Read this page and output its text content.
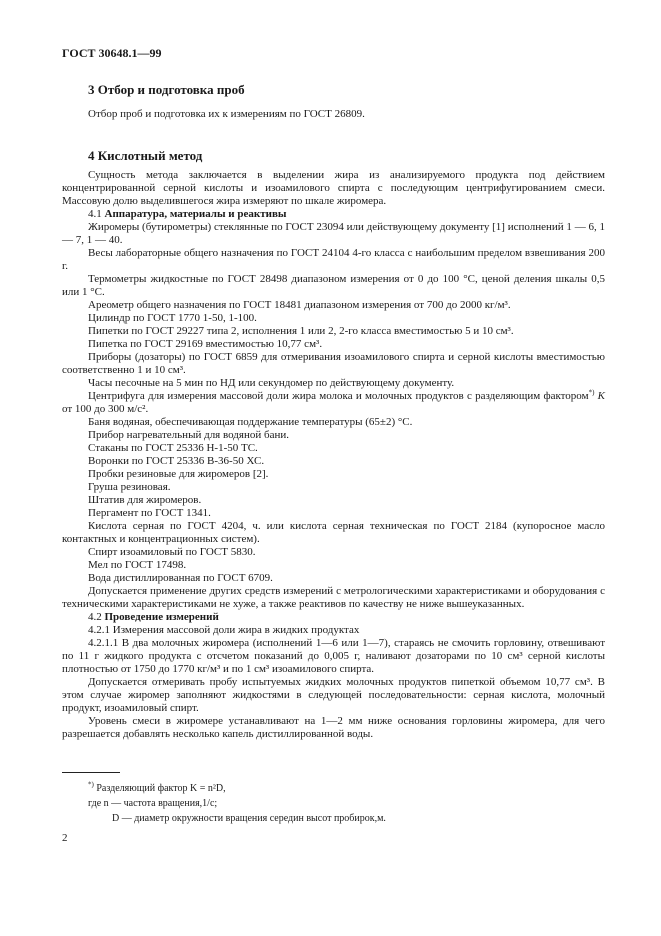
ГОСТ 30648.1—99
3 Отбор и подготовка проб

Отбор проб и подготовка их к измерениям по ГОСТ 26809.

4 Кислотный метод

Сущность метода заключается в выделении жира из анализируемого продукта под действием концентрированной серной кислоты и изоамилового спирта с последующим центрифугированием смеси. Массовую долю выделившегося жира измеряют по шкале жиромера.

4.1 Аппаратура, материалы и реактивы

Жиромеры (бутирометры) стеклянные по ГОСТ 23094 или действующему документу [1] исполнений 1 — 6, 1 — 7, 1 — 40.

Весы лабораторные общего назначения по ГОСТ 24104 4-го класса с наибольшим пределом взвешивания 200 г.

Термометры жидкостные по ГОСТ 28498 диапазоном измерения от 0 до 100 °С, ценой деления шкалы 0,5 или 1 °С.

Ареометр общего назначения по ГОСТ 18481 диапазоном измерения от 700 до 2000 кг/м³.

Цилиндр по ГОСТ 1770 1-50, 1-100.

Пипетки по ГОСТ 29227 типа 2, исполнения 1 или 2, 2-го класса вместимостью 5 и 10 см³.

Пипетка по ГОСТ 29169 вместимостью 10,77 см³.

Приборы (дозаторы) по ГОСТ 6859 для отмеривания изоамилового спирта и серной кислоты вместимостью соответственно 1 и 10 см³.

Часы песочные на 5 мин по НД или секундомер по действующему документу.

Центрифуга для измерения массовой доли жира молока и молочных продуктов с разделяющим фактором*) K от 100 до 300 м/с².

Баня водяная, обеспечивающая поддержание температуры (65±2) °С.

Прибор нагревательный для водяной бани.

Стаканы по ГОСТ 25336 Н-1-50 ТС.

Воронки по ГОСТ 25336 В-36-50 ХС.

Пробки резиновые для жиромеров [2].

Груша резиновая.

Штатив для жиромеров.

Пергамент по ГОСТ 1341.

Кислота серная по ГОСТ 4204, ч. или кислота серная техническая по ГОСТ 2184 (купоросное масло контактных и концентрационных систем).

Спирт изоамиловый по ГОСТ 5830.

Мел по ГОСТ 17498.

Вода дистиллированная по ГОСТ 6709.

Допускается применение других средств измерений с метрологическими характеристиками и оборудования с техническими характеристиками не хуже, а также реактивов по качеству не ниже вышеуказанных.

4.2 Проведение измерений

4.2.1 Измерения массовой доли жира в жидких продуктах

4.2.1.1 В два молочных жиромера (исполнений 1—6 или 1—7), стараясь не смочить горловину, отвешивают по 11 г жидкого продукта с отсчетом показаний до 0,005 г, наливают дозаторами по 10 см³ серной кислоты плотностью от 1750 до 1770 кг/м³ и по 1 см³ изоамилового спирта.

Допускается отмеривать пробу испытуемых жидких молочных продуктов пипеткой объемом 10,77 см³. В этом случае жиромер заполняют жидкостями в следующей последовательности: серная кислота, молочный продукт, изоамиловый спирт.

Уровень смеси в жиромере устанавливают на 1—2 мм ниже основания горловины жиромера, для чего разрешается добавлять несколько капель дистиллированной воды.

*) Разделяющий фактор K = n²D,
где n — частота вращения,1/с;
D — диаметр окружности вращения середин высот пробирок,м.
2
